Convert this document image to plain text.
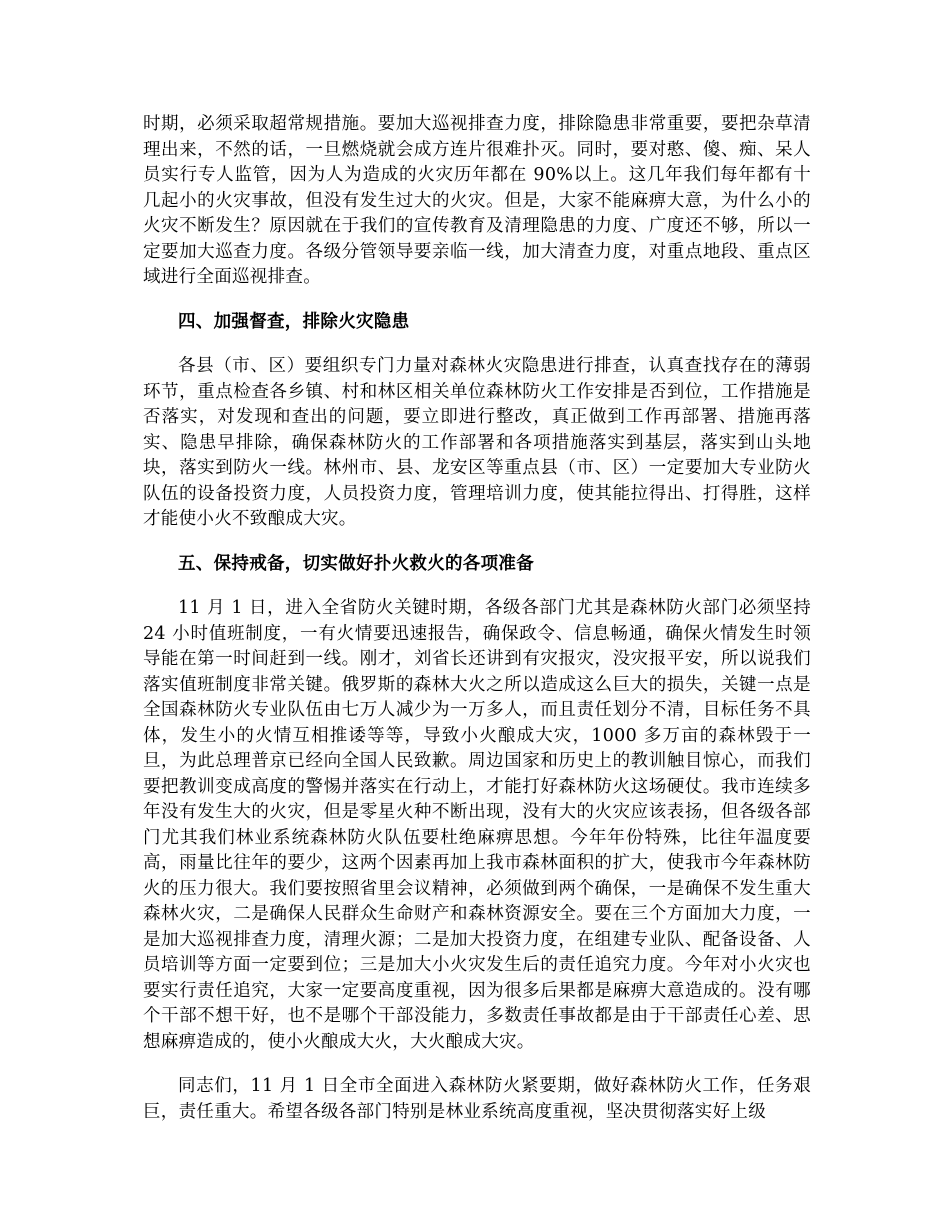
时期，必须采取超常规措施。要加大巡视排查力度，排除隐患非常重要，要把杂草清理出来，不然的话，一旦燃烧就会成方连片很难扑灭。同时，要对憨、傻、痴、呆人员实行专人监管，因为人为造成的火灾历年都在 90%以上。这几年我们每年都有十几起小的火灾事故，但没有发生过大的火灾。但是，大家不能麻痹大意，为什么小的火灾不断发生？原因就在于我们的宣传教育及清理隐患的力度、广度还不够，所以一定要加大巡查力度。各级分管领导要亲临一线，加大清查力度，对重点地段、重点区域进行全面巡视排查。

四、加强督查，排除火灾隐患

各县（市、区）要组织专门力量对森林火灾隐患进行排查，认真查找存在的薄弱环节，重点检查各乡镇、村和林区相关单位森林防火工作安排是否到位，工作措施是否落实，对发现和查出的问题，要立即进行整改，真正做到工作再部署、措施再落实、隐患早排除，确保森林防火的工作部署和各项措施落实到基层，落实到山头地块，落实到防火一线。林州市、县、龙安区等重点县（市、区）一定要加大专业防火队伍的设备投资力度，人员投资力度，管理培训力度，使其能拉得出、打得胜，这样才能使小火不致酿成大灾。

五、保持戒备，切实做好扑火救火的各项准备

11 月 1 日，进入全省防火关键时期，各级各部门尤其是森林防火部门必须坚持 24 小时值班制度，一有火情要迅速报告，确保政令、信息畅通，确保火情发生时领导能在第一时间赶到一线。刚才，刘省长还讲到有灾报灾，没灾报平安，所以说我们落实值班制度非常关键。俄罗斯的森林大火之所以造成这么巨大的损失，关键一点是全国森林防火专业队伍由七万人减少为一万多人，而且责任划分不清，目标任务不具体，发生小的火情互相推诿等等，导致小火酿成大灾，1000 多万亩的森林毁于一旦，为此总理普京已经向全国人民致歉。周边国家和历史上的教训触目惊心，而我们要把教训变成高度的警惕并落实在行动上，才能打好森林防火这场硬仗。我市连续多年没有发生大的火灾，但是零星火种不断出现，没有大的火灾应该表扬，但各级各部门尤其我们林业系统森林防火队伍要杜绝麻痹思想。今年年份特殊，比往年温度要高，雨量比往年的要少，这两个因素再加上我市森林面积的扩大，使我市今年森林防火的压力很大。我们要按照省里会议精神，必须做到两个确保，一是确保不发生重大森林火灾，二是确保人民群众生命财产和森林资源安全。要在三个方面加大力度，一是加大巡视排查力度，清理火源；二是加大投资力度，在组建专业队、配备设备、人员培训等方面一定要到位；三是加大小火灾发生后的责任追究力度。今年对小火灾也要实行责任追究，大家一定要高度重视，因为很多后果都是麻痹大意造成的。没有哪个干部不想干好，也不是哪个干部没能力，多数责任事故都是由于干部责任心差、思想麻痹造成的，使小火酿成大火，大火酿成大灾。

同志们，11 月 1 日全市全面进入森林防火紧要期，做好森林防火工作，任务艰巨，责任重大。希望各级各部门特别是林业系统高度重视，坚决贯彻落实好上级
